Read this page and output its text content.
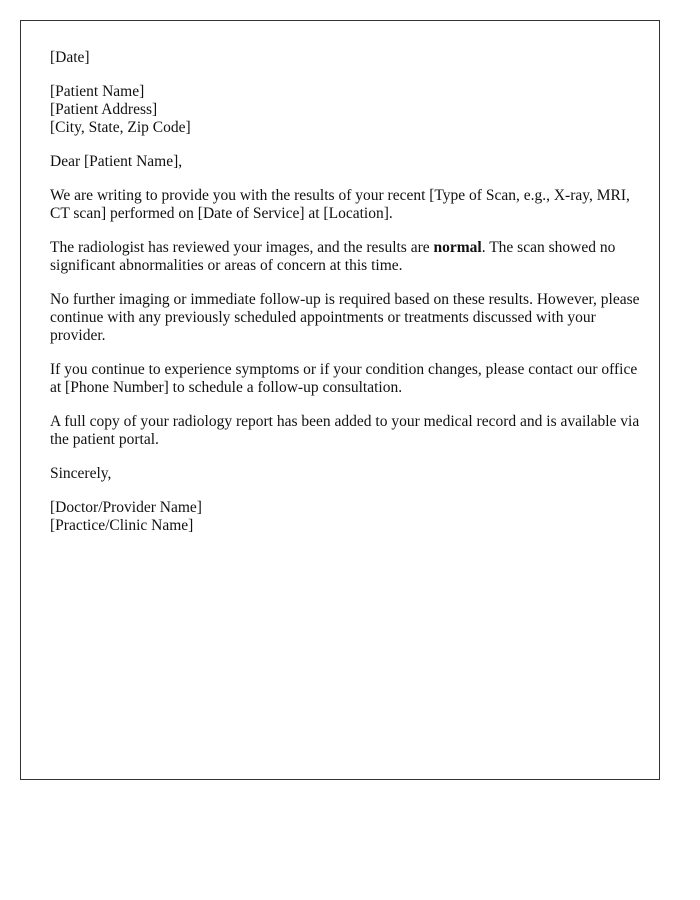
[Date]

[Patient Name]
[Patient Address]
[City, State, Zip Code]

Dear [Patient Name],

We are writing to provide you with the results of your recent [Type of Scan, e.g., X-ray, MRI, CT scan] performed on [Date of Service] at [Location].

The radiologist has reviewed your images, and the results are normal. The scan showed no significant abnormalities or areas of concern at this time.

No further imaging or immediate follow-up is required based on these results. However, please continue with any previously scheduled appointments or treatments discussed with your provider.

If you continue to experience symptoms or if your condition changes, please contact our office at [Phone Number] to schedule a follow-up consultation.

A full copy of your radiology report has been added to your medical record and is available via the patient portal.

Sincerely,

[Doctor/Provider Name]
[Practice/Clinic Name]
